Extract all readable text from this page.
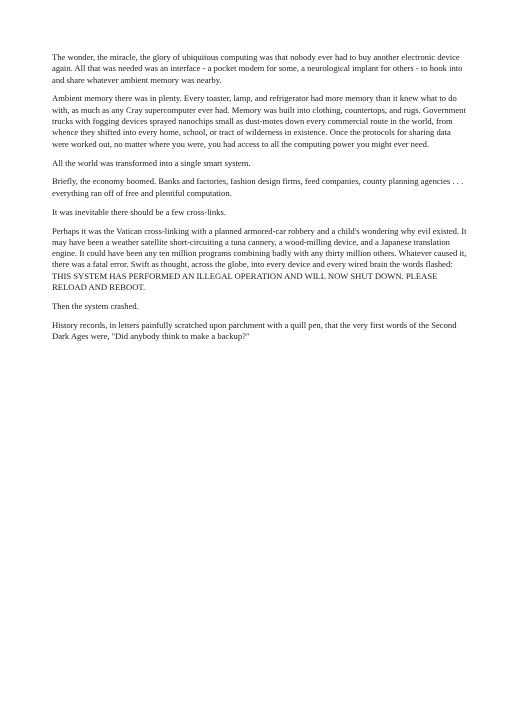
The wonder, the miracle, the glory of ubiquitous computing was that nobody ever had to buy another electronic device again. All that was needed was an interface - a pocket modem for some, a neurological implant for others - to hook into and share whatever ambient memory was nearby.

Ambient memory there was in plenty. Every toaster, lamp, and refrigerator had more memory than it knew what to do with, as much as any Cray supercomputer ever had. Memory was built into clothing, countertops, and rugs. Government trucks with fogging devices sprayed nanochips small as dust-motes down every commercial route in the world, from whence they shifted into every home, school, or tract of wilderness in existence. Once the protocols for sharing data were worked out, no matter where you were, you had access to all the computing power you might ever need.

All the world was transformed into a single smart system.

Briefly, the economy boomed. Banks and factories, fashion design firms, feed companies, county planning agencies . . . everything ran off of free and plentiful computation.

It was inevitable there should be a few cross-links.

Perhaps it was the Vatican cross-linking with a planned armored-car robbery and a child's wondering why evil existed. It may have been a weather satellite short-circuiting a tuna cannery, a wood-milling device, and a Japanese translation engine. It could have been any ten million programs combining badly with any thirty million others. Whatever caused it, there was a fatal error. Swift as thought, across the globe, into every device and every wired brain the words flashed: THIS SYSTEM HAS PERFORMED AN ILLEGAL OPERATION AND WILL NOW SHUT DOWN. PLEASE RELOAD AND REBOOT.

Then the system crashed.

History records, in letters painfully scratched upon parchment with a quill pen, that the very first words of the Second Dark Ages were, "Did anybody think to make a backup?"
